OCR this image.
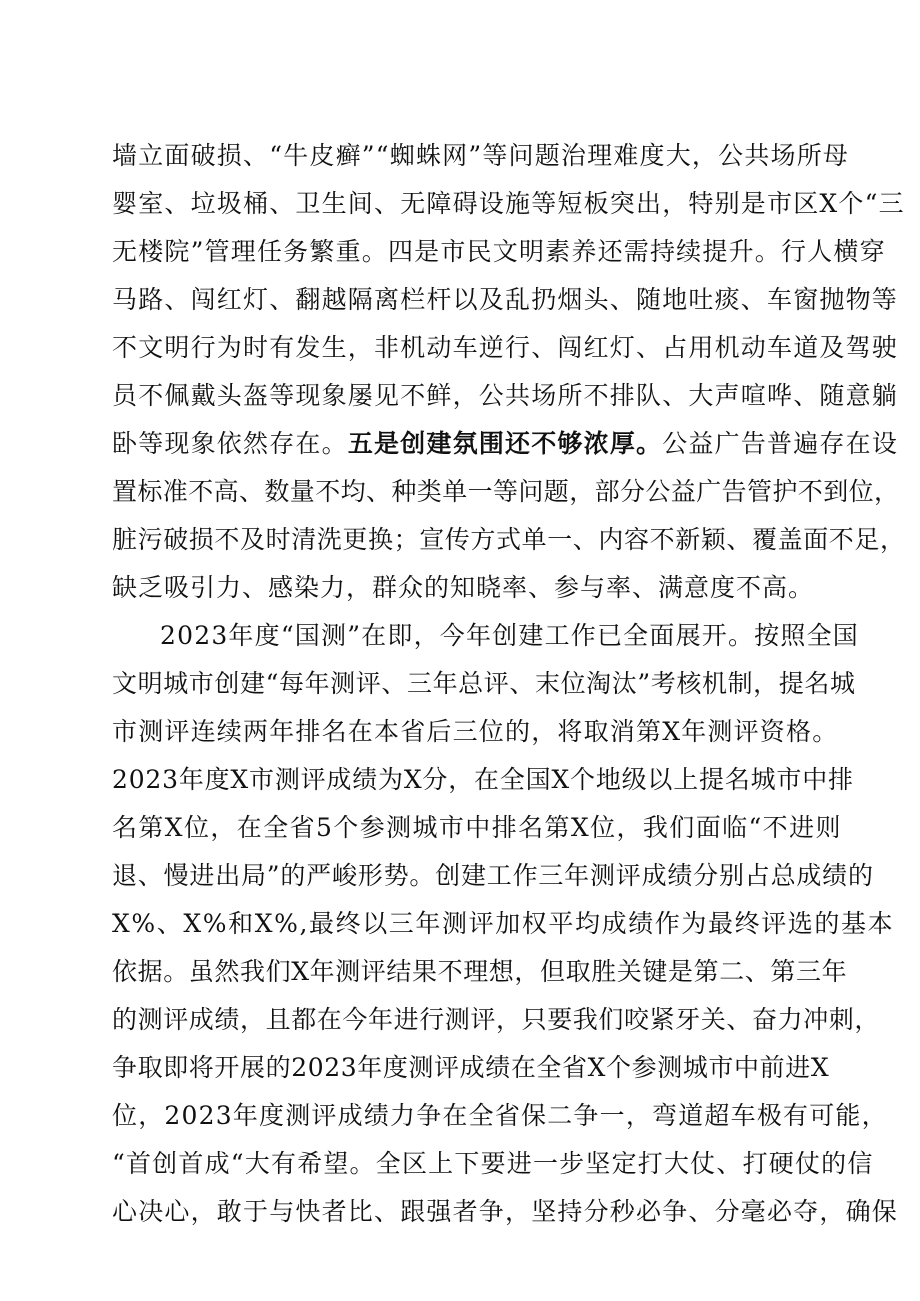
墙立面破损、“牛皮癣”“蜘蛛网”等问题治理难度大，公共场所母
婴室、垃圾桶、卫生间、无障碍设施等短板突出，特别是市区X个“三
无楼院”管理任务繁重。四是市民文明素养还需持续提升。行人横穿
马路、闯红灯、翻越隔离栏杆以及乱扔烟头、随地吐痰、车窗抛物等
不文明行为时有发生，非机动车逆行、闯红灯、占用机动车道及驾驶
员不佩戴头盔等现象屡见不鲜，公共场所不排队、大声喧哗、随意躺
卧等现象依然存在。五是创建氛围还不够浓厚。公益广告普遍存在设
置标准不高、数量不均、种类单一等问题，部分公益广告管护不到位，
脏污破损不及时清洗更换；宣传方式单一、内容不新颖、覆盖面不足，
缺乏吸引力、感染力，群众的知晓率、参与率、满意度不高。
2023年度“国测”在即，今年创建工作已全面展开。按照全国
文明城市创建“每年测评、三年总评、末位淘汰”考核机制，提名城
市测评连续两年排名在本省后三位的，将取消第X年测评资格。
2023年度X市测评成绩为X分，在全国X个地级以上提名城市中排
名第X位，在全省5个参测城市中排名第X位，我们面临“不进则
退、慢进出局”的严峻形势。创建工作三年测评成绩分别占总成绩的
X%、X%和X%,最终以三年测评加权平均成绩作为最终评选的基本
依据。虽然我们X年测评结果不理想，但取胜关键是第二、第三年
的测评成绩，且都在今年进行测评，只要我们咬紧牙关、奋力冲刺，
争取即将开展的2023年度测评成绩在全省X个参测城市中前进X
位，2023年度测评成绩力争在全省保二争一，弯道超车极有可能，
“首创首成“大有希望。全区上下要进一步坚定打大仗、打硬仗的信
心决心，敢于与快者比、跟强者争，坚持分秒必争、分毫必夺，确保
